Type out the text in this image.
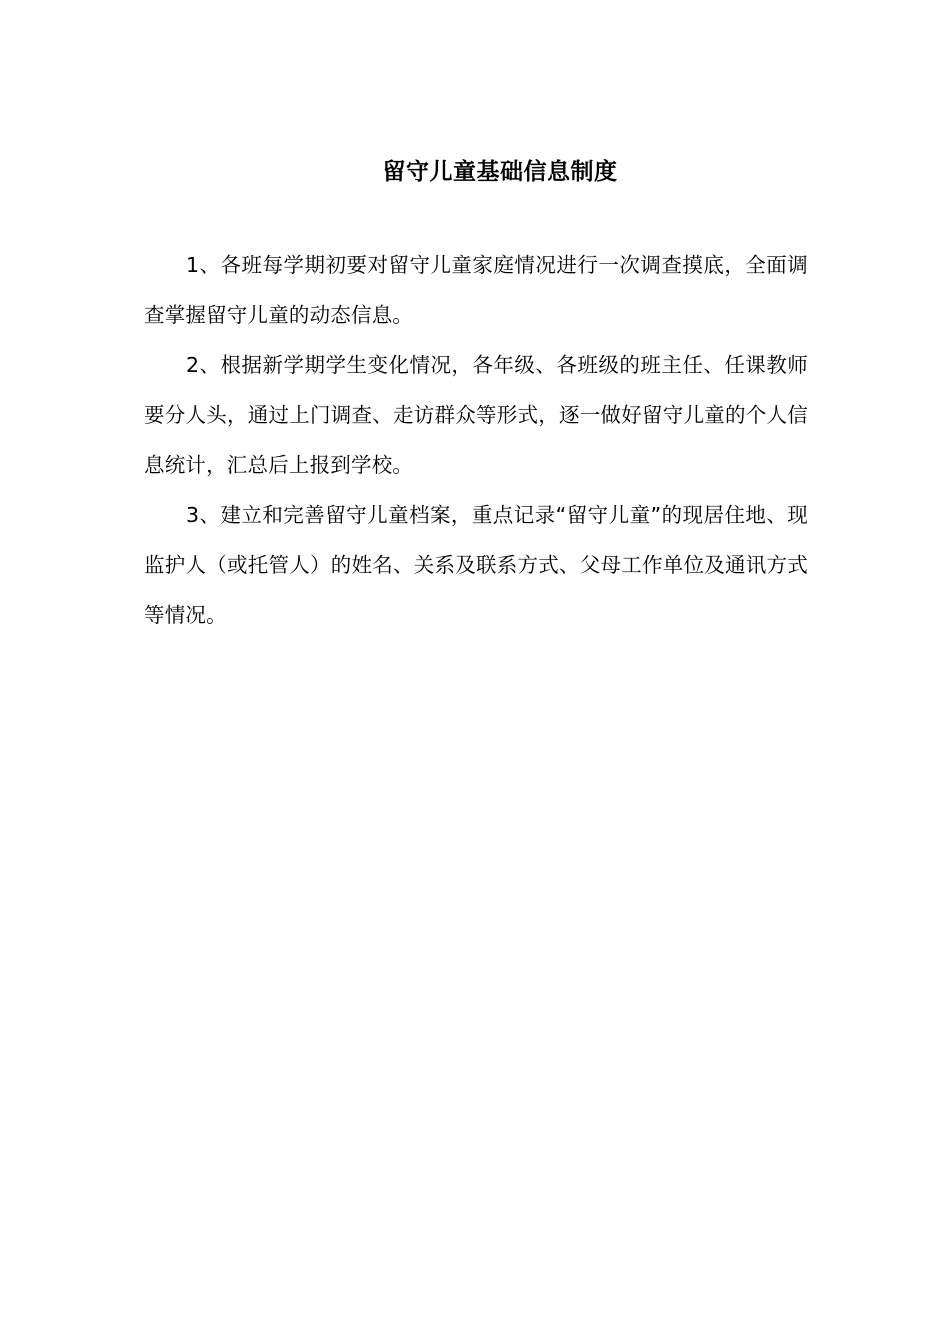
留守儿童基础信息制度

1、各班每学期初要对留守儿童家庭情况进行一次调查摸底，全面调查掌握留守儿童的动态信息。

2、根据新学期学生变化情况，各年级、各班级的班主任、任课教师要分人头，通过上门调查、走访群众等形式，逐一做好留守儿童的个人信息统计，汇总后上报到学校。

3、建立和完善留守儿童档案，重点记录“留守儿童”的现居住地、现监护人（或托管人）的姓名、关系及联系方式、父母工作单位及通讯方式等情况。
